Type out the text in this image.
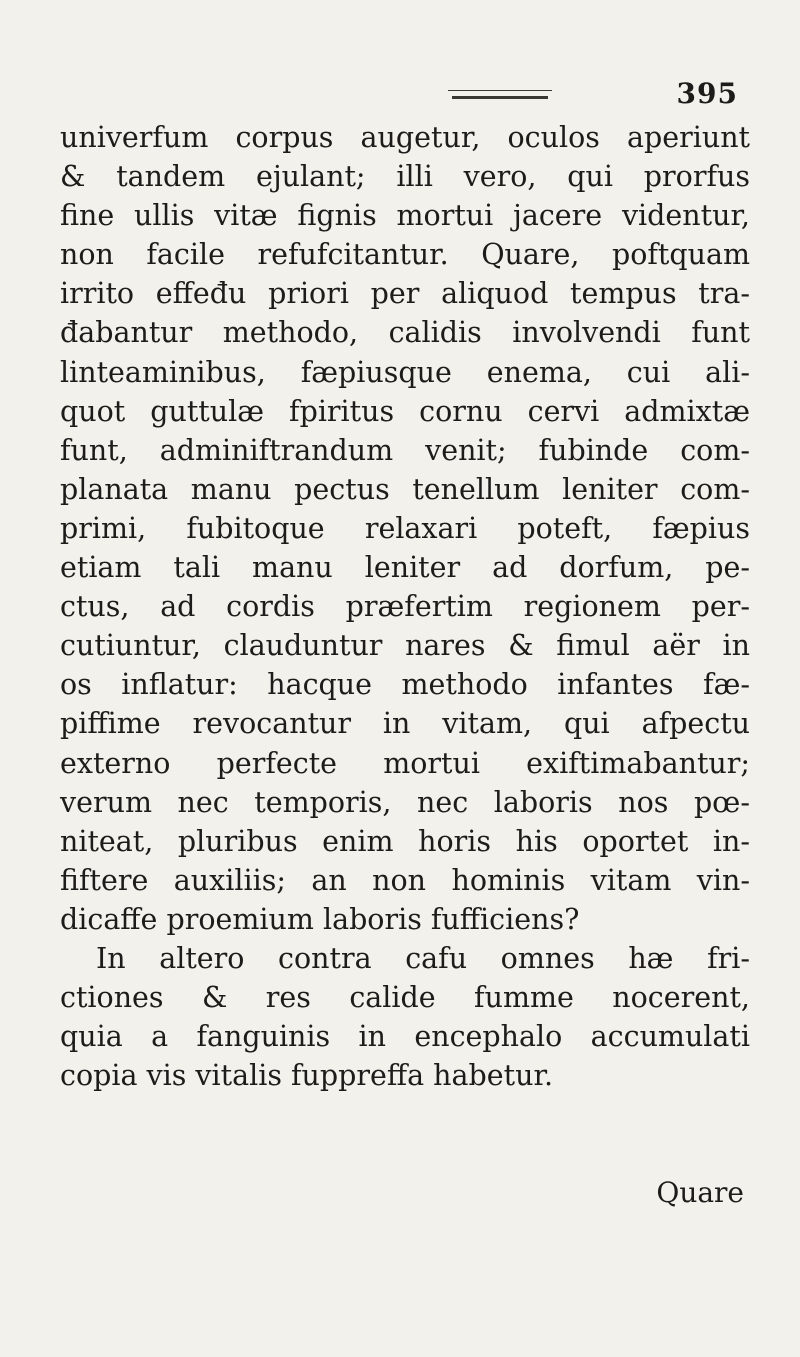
395
univerfum corpus augetur, oculos aperiunt
& tandem ejulant; illi vero, qui prorfus
fine ullis vitæ fignis mortui jacere videntur,
non facile refufcitantur. Quare, poftquam
irrito effeđu priori per aliquod tempus tra-
đabantur methodo, calidis involvendi funt
linteaminibus, fæpiusque enema, cui ali-
quot guttulæ fpiritus cornu cervi admixtæ
funt, adminiftrandum venit; fubinde com-
planata manu pectus tenellum leniter com-
primi, fubitoque relaxari poteft, fæpius
etiam tali manu leniter ad dorfum, pe-
ctus, ad cordis præfertim regionem per-
cutiuntur, clauduntur nares & fimul aër in
os inflatur: hacque methodo infantes fæ-
piffime revocantur in vitam, qui afpectu
externo perfecte mortui exiftimabantur;
verum nec temporis, nec laboris nos pœ-
niteat, pluribus enim horis his oportet in-
fiftere auxiliis; an non hominis vitam vin-
dicaffe proemium laboris fufficiens?
In altero contra cafu omnes hæ fri-
ctiones & res calide fumme nocerent,
quia a fanguinis in encephalo accumulati
copia vis vitalis fuppreffa habetur.
Quare
